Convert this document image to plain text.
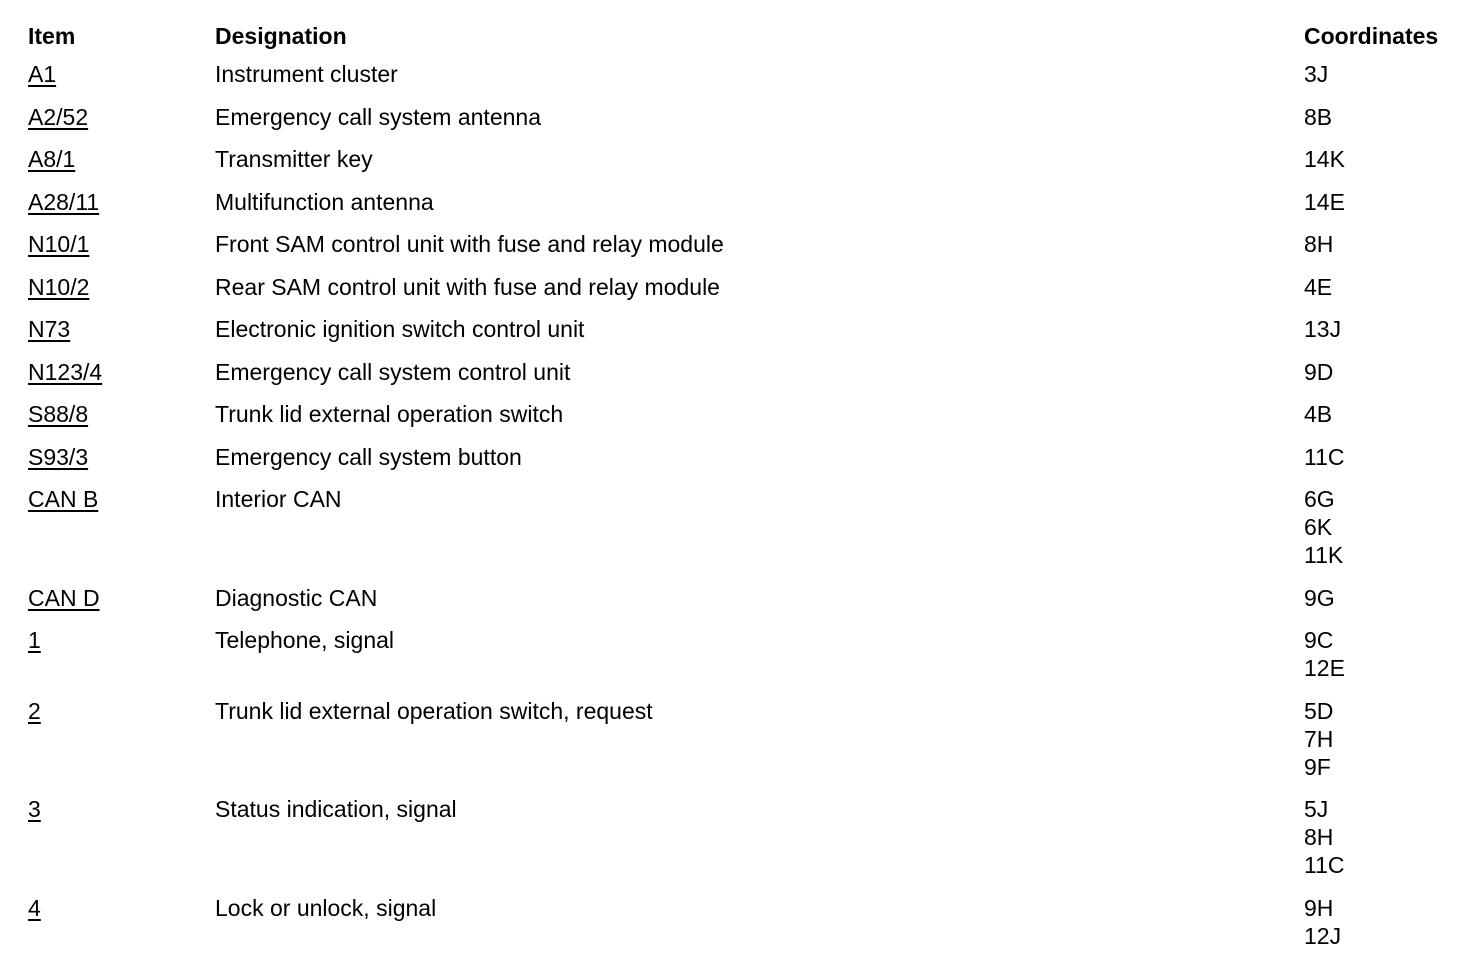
Item	Designation	Coordinates
A1	Instrument cluster	3J
A2/52	Emergency call system antenna	8B
A8/1	Transmitter key	14K
A28/11	Multifunction antenna	14E
N10/1	Front SAM control unit with fuse and relay module	8H
N10/2	Rear SAM control unit with fuse and relay module	4E
N73	Electronic ignition switch control unit	13J
N123/4	Emergency call system control unit	9D
S88/8	Trunk lid external operation switch	4B
S93/3	Emergency call system button	11C
CAN B	Interior CAN	6G
6K
11K
CAN D	Diagnostic CAN	9G
1	Telephone, signal	9C
12E
2	Trunk lid external operation switch, request	5D
7H
9F
3	Status indication, signal	5J
8H
11C
4	Lock or unlock, signal	9H
12J
